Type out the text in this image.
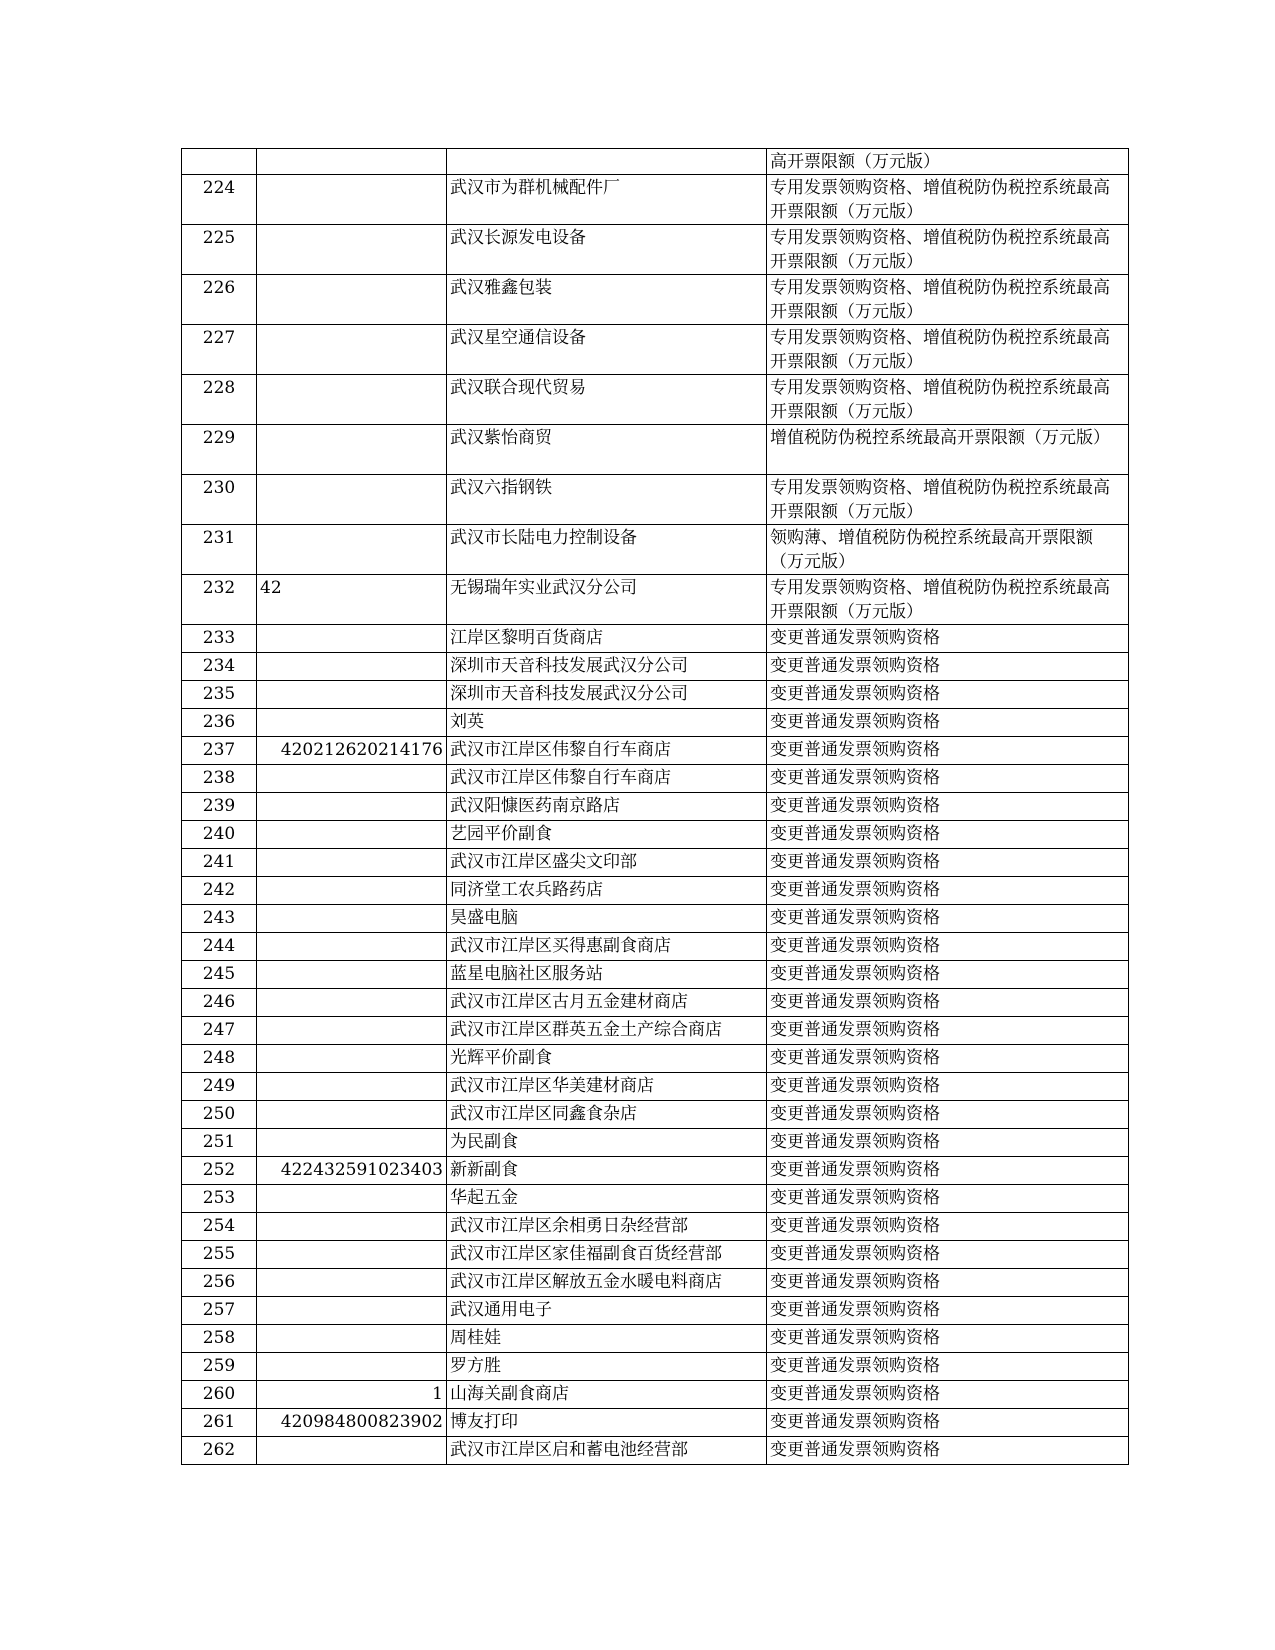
			高开票限额（万元版）
224		武汉市为群机械配件厂	专用发票领购资格、增值税防伪税控系统最高开票限额（万元版）
225		武汉长源发电设备	专用发票领购资格、增值税防伪税控系统最高开票限额（万元版）
226		武汉雅鑫包装	专用发票领购资格、增值税防伪税控系统最高开票限额（万元版）
227		武汉星空通信设备	专用发票领购资格、增值税防伪税控系统最高开票限额（万元版）
228		武汉联合现代贸易	专用发票领购资格、增值税防伪税控系统最高开票限额（万元版）
229		武汉紫怡商贸	增值税防伪税控系统最高开票限额（万元版）
230		武汉六指钢铁	专用发票领购资格、增值税防伪税控系统最高开票限额（万元版）
231		武汉市长陆电力控制设备	领购薄、增值税防伪税控系统最高开票限额（万元版）
232	42	无锡瑞年实业武汉分公司	专用发票领购资格、增值税防伪税控系统最高开票限额（万元版）
233		江岸区黎明百货商店	变更普通发票领购资格
234		深圳市天音科技发展武汉分公司	变更普通发票领购资格
235		深圳市天音科技发展武汉分公司	变更普通发票领购资格
236		刘英	变更普通发票领购资格
237	420212620214176	武汉市江岸区伟黎自行车商店	变更普通发票领购资格
238		武汉市江岸区伟黎自行车商店	变更普通发票领购资格
239		武汉阳慷医药南京路店	变更普通发票领购资格
240		艺园平价副食	变更普通发票领购资格
241		武汉市江岸区盛尖文印部	变更普通发票领购资格
242		同济堂工农兵路药店	变更普通发票领购资格
243		昊盛电脑	变更普通发票领购资格
244		武汉市江岸区买得惠副食商店	变更普通发票领购资格
245		蓝星电脑社区服务站	变更普通发票领购资格
246		武汉市江岸区古月五金建材商店	变更普通发票领购资格
247		武汉市江岸区群英五金土产综合商店	变更普通发票领购资格
248		光辉平价副食	变更普通发票领购资格
249		武汉市江岸区华美建材商店	变更普通发票领购资格
250		武汉市江岸区同鑫食杂店	变更普通发票领购资格
251		为民副食	变更普通发票领购资格
252	422432591023403	新新副食	变更普通发票领购资格
253		华起五金	变更普通发票领购资格
254		武汉市江岸区余相勇日杂经营部	变更普通发票领购资格
255		武汉市江岸区家佳福副食百货经营部	变更普通发票领购资格
256		武汉市江岸区解放五金水暖电料商店	变更普通发票领购资格
257		武汉通用电子	变更普通发票领购资格
258		周桂娃	变更普通发票领购资格
259		罗方胜	变更普通发票领购资格
260	1	山海关副食商店	变更普通发票领购资格
261	420984800823902	博友打印	变更普通发票领购资格
262		武汉市江岸区启和蓄电池经营部	变更普通发票领购资格
